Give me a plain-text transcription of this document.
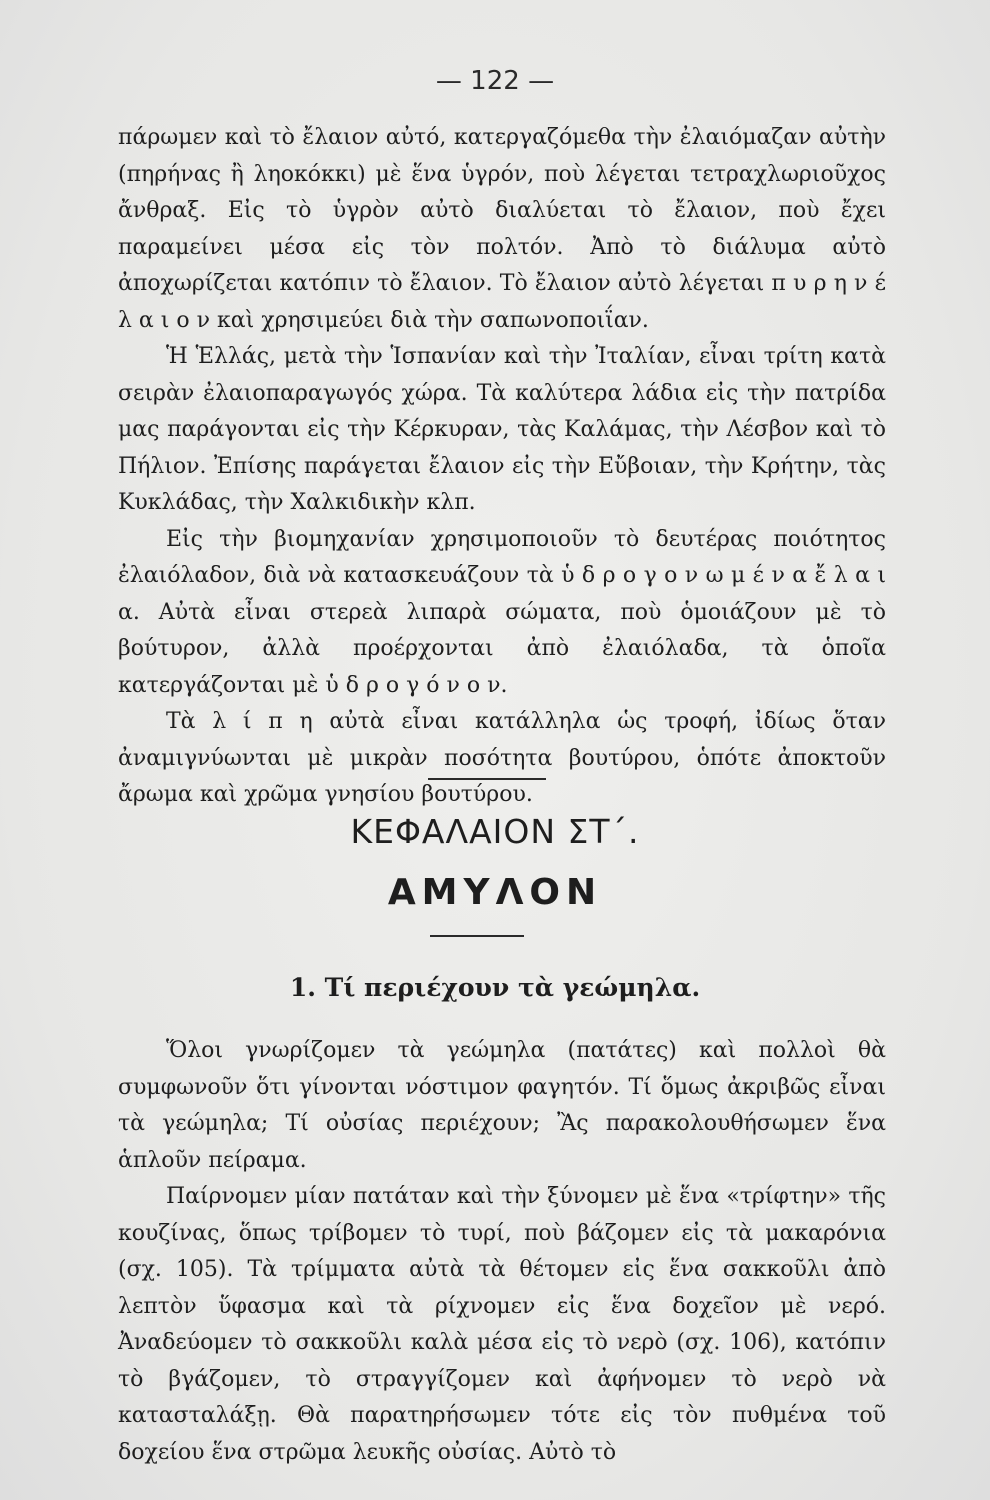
— 122 —

πάρωμεν καὶ τὸ ἔλαιον αὐτό, κατεργαζόμεθα τὴν ἐλαιόμαζαν αὐτὴν (πηρήνας ἢ ληοκόκκι) μὲ ἕνα ὑγρόν, ποὺ λέγεται τετραχλωριοῦχος ἄνθραξ. Εἰς τὸ ὑγρὸν αὐτὸ διαλύεται τὸ ἔλαιον, ποὺ ἔχει παραμείνει μέσα εἰς τὸν πολτόν. Ἀπὸ τὸ διάλυμα αὐτὸ ἀποχωρίζεται κατόπιν τὸ ἔλαιον. Τὸ ἔλαιον αὐτὸ λέγεται π υ ρ η ν έ λ α ι ο ν καὶ χρησιμεύει διὰ τὴν σαπωνοποιΐαν.

Ἡ Ἑλλάς, μετὰ τὴν Ἱσπανίαν καὶ τὴν Ἰταλίαν, εἶναι τρίτη κατὰ σειρὰν ἐλαιοπαραγωγός χώρα. Τὰ καλύτερα λάδια εἰς τὴν πατρίδα μας παράγονται εἰς τὴν Κέρκυραν, τὰς Καλάμας, τὴν Λέσβον καὶ τὸ Πήλιον. Ἐπίσης παράγεται ἔλαιον εἰς τὴν Εὔβοιαν, τὴν Κρήτην, τὰς Κυκλάδας, τὴν Χαλκιδικὴν κλπ.

Εἰς τὴν βιομηχανίαν χρησιμοποιοῦν τὸ δευτέρας ποιότητος ἐλαιόλαδον, διὰ νὰ κατασκευάζουν τὰ ὑ δ ρ ο γ ο ν ω μ έ ν α ἔ λ α ι α. Αὐτὰ εἶναι στερεὰ λιπαρὰ σώματα, ποὺ ὁμοιάζουν μὲ τὸ βούτυρον, ἀλλὰ προέρχονται ἀπὸ ἐλαιόλαδα, τὰ ὁποῖα κατεργάζονται μὲ ὑ δ ρ ο γ ό ν ο ν.

Τὰ λ ί π η αὐτὰ εἶναι κατάλληλα ὡς τροφή, ἰδίως ὅταν ἀναμιγνύωνται μὲ μικρὰν ποσότητα βουτύρου, ὁπότε ἀποκτοῦν ἄρωμα καὶ χρῶμα γνησίου βουτύρου.

ΚΕΦΑΛΑΙΟΝ ΣΤ΄.
ΑΜΥΛΟΝ
1. Τί περιέχουν τὰ γεώμηλα.

Ὅλοι γνωρίζομεν τὰ γεώμηλα (πατάτες) καὶ πολλοὶ θὰ συμφωνοῦν ὅτι γίνονται νόστιμον φαγητόν. Τί ὅμως ἀκριβῶς εἶναι τὰ γεώμηλα; Τί οὐσίας περιέχουν; Ἂς παρακολουθήσωμεν ἕνα ἁπλοῦν πείραμα.

Παίρνομεν μίαν πατάταν καὶ τὴν ξύνομεν μὲ ἕνα «τρίφτην» τῆς κουζίνας, ὅπως τρίβομεν τὸ τυρί, ποὺ βάζομεν εἰς τὰ μακαρόνια (σχ. 105). Τὰ τρίμματα αὐτὰ τὰ θέτομεν εἰς ἕνα σακκοῦλι ἀπὸ λεπτὸν ὕφασμα καὶ τὰ ρίχνομεν εἰς ἕνα δοχεῖον μὲ νερό. Ἀναδεύομεν τὸ σακκοῦλι καλὰ μέσα εἰς τὸ νερὸ (σχ. 106), κατόπιν τὸ βγάζομεν, τὸ στραγγίζομεν καὶ ἀφήνομεν τὸ νερὸ νὰ κατασταλάξῃ. Θὰ παρατηρήσωμεν τότε εἰς τὸν πυθμένα τοῦ δοχείου ἕνα στρῶμα λευκῆς οὐσίας. Αὐτὸ τὸ
